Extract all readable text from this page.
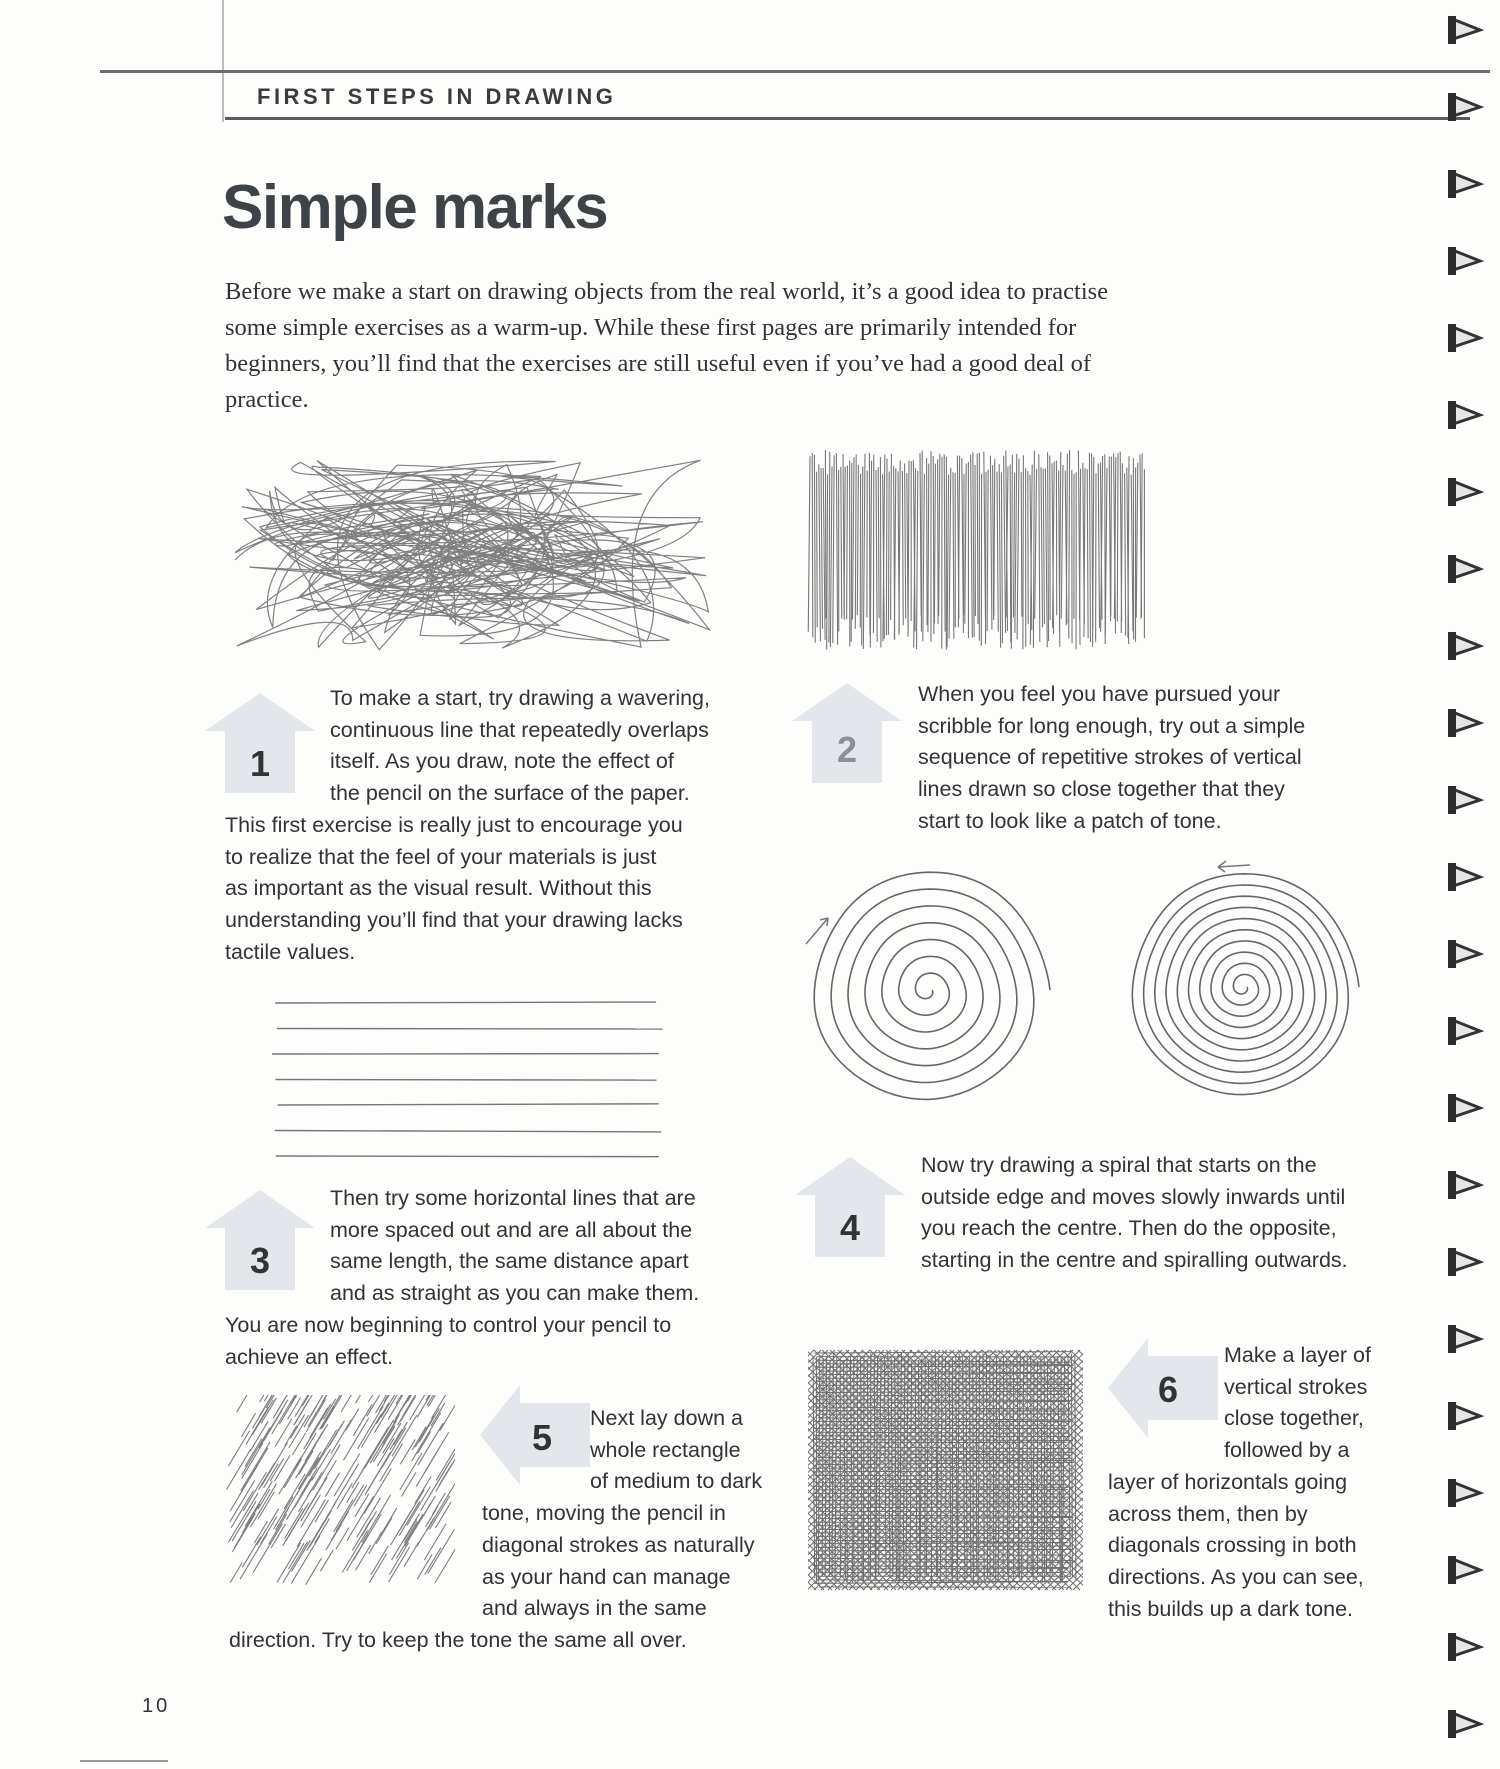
FIRST STEPS IN DRAWING
Simple marks
Before we make a start on drawing objects from the real world, it’s a good idea to practise some simple exercises as a warm-up. While these first pages are primarily intended for beginners, you’ll find that the exercises are still useful even if you’ve had a good deal of practice.
1	2
3
4
5
6
To make a start, try drawing a wavering,
continuous line that repeatedly overlaps
itself. As you draw, note the effect of
the pencil on the surface of the paper.
This first exercise is really just to encourage you
to realize that the feel of your materials is just
as important as the visual result. Without this
understanding you’ll find that your drawing lacks
tactile values.
When you feel you have pursued your
scribble for long enough, try out a simple
sequence of repetitive strokes of vertical
lines drawn so close together that they
start to look like a patch of tone.
Then try some horizontal lines that are
more spaced out and are all about the
same length, the same distance apart
and as straight as you can make them.
You are now beginning to control your pencil to
achieve an effect.
Now try drawing a spiral that starts on the
outside edge and moves slowly inwards until
you reach the centre. Then do the opposite,
starting in the centre and spiralling outwards.
Next lay down a
whole rectangle
of medium to dark
tone, moving the pencil in
diagonal strokes as naturally
as your hand can manage
and always in the same
direction. Try to keep the tone the same all over.
Make a layer of
vertical strokes
close together,
followed by a
layer of horizontals going
across them, then by
diagonals crossing in both
directions. As you can see,
this builds up a dark tone.
10
